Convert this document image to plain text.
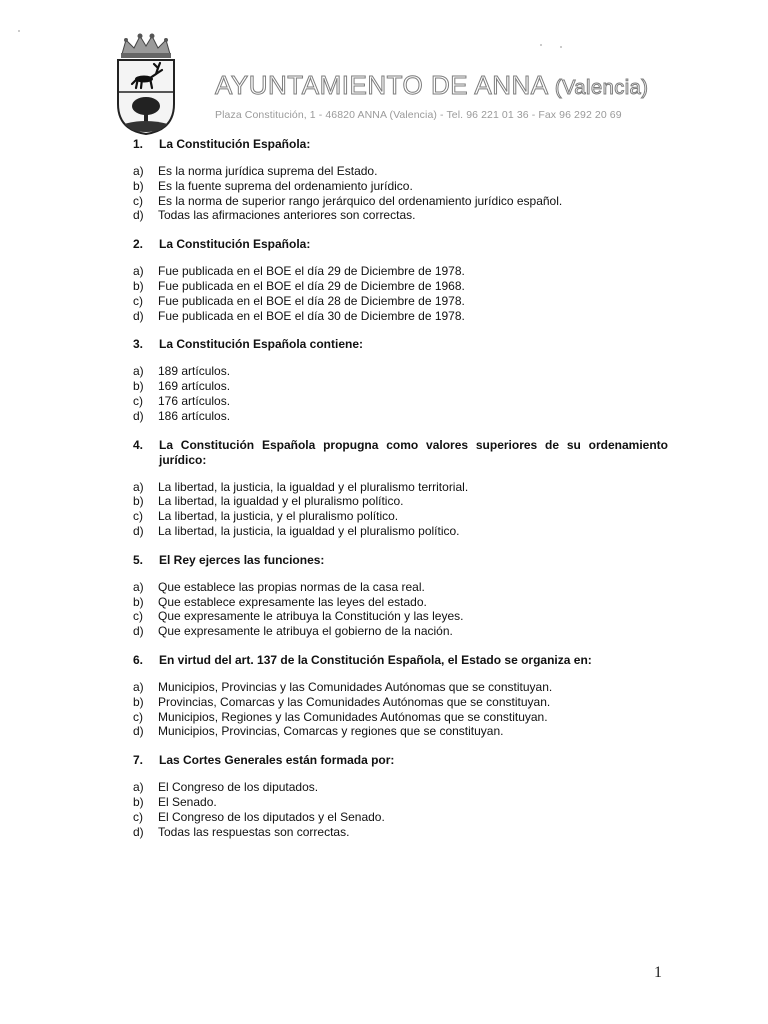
AYUNTAMIENTO DE ANNA (Valencia)
Plaza Constitución, 1 - 46820 ANNA (Valencia) - Tel. 96 221 01 36 - Fax 96 292 20 69
1.	La Constitución Española:
a)	Es la norma jurídica suprema del Estado.
b)	Es la fuente suprema del ordenamiento jurídico.
c)	Es la norma de superior rango jerárquico del ordenamiento jurídico español.
d)	Todas las afirmaciones anteriores son correctas.
2.	La Constitución Española:
a)	Fue publicada en el BOE el día 29 de Diciembre de 1978.
b)	Fue publicada en el BOE el día 29 de Diciembre de 1968.
c)	Fue publicada en el BOE el día 28 de Diciembre de 1978.
d)	Fue publicada en el BOE el día 30 de Diciembre de 1978.
3.	La Constitución Española contiene:
a)	189 artículos.
b)	169 artículos.
c)	176 artículos.
d)	186 artículos.
4.	La Constitución Española propugna como valores superiores de su ordenamiento jurídico:
a)	La libertad, la justicia, la igualdad y el pluralismo territorial.
b)	La libertad, la igualdad y el pluralismo político.
c)	La libertad, la justicia, y el pluralismo político.
d)	La libertad, la justicia, la igualdad y el pluralismo político.
5.	El Rey ejerces las funciones:
a)	Que establece las propias normas de la casa real.
b)	Que establece expresamente las leyes del estado.
c)	Que expresamente le atribuya la Constitución y las leyes.
d)	Que expresamente le atribuya el gobierno de la nación.
6.	En virtud del art. 137 de la Constitución Española, el Estado se organiza en:
a)	Municipios, Provincias y las Comunidades Autónomas que se constituyan.
b)	Provincias, Comarcas y las Comunidades Autónomas que se constituyan.
c)	Municipios, Regiones y las Comunidades Autónomas que se constituyan.
d)	Municipios, Provincias, Comarcas y regiones que se constituyan.
7.	Las Cortes Generales están formada por:
a)	El Congreso de los diputados.
b)	El Senado.
c)	El Congreso de los diputados y el Senado.
d)	Todas las respuestas son correctas.
1
